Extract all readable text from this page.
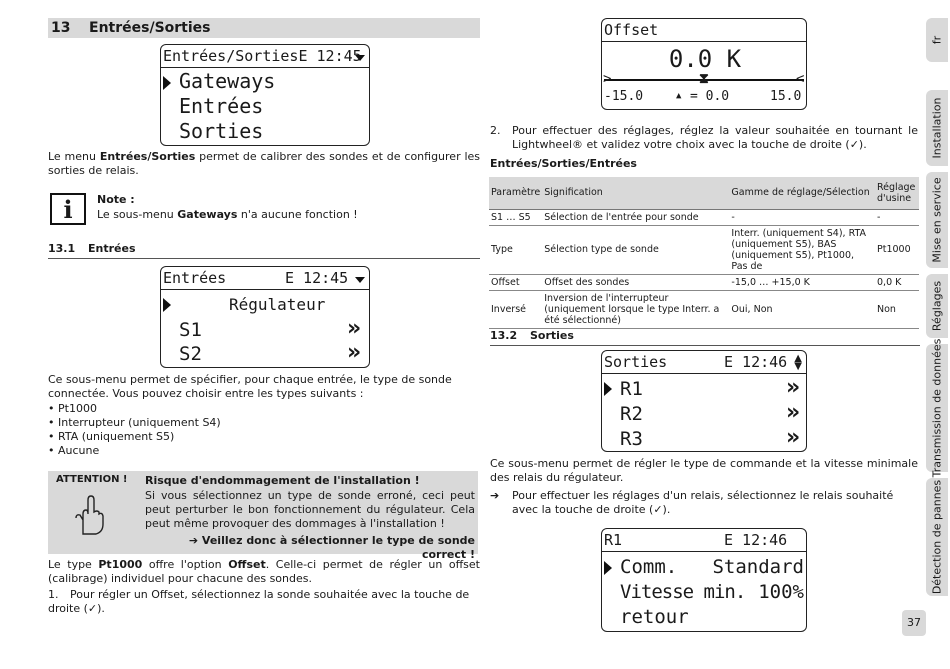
13 Entrées/Sorties
Entrées/SortiesE 12:45
Gateways
Entrées
Sorties
Le menu Entrées/Sorties permet de calibrer des sondes et de configurer les sorties de relais.
i	Note :
Le sous-menu Gateways n'a aucune fonction !
13.1 Entrées
Entrées	E 12:45
Régulateur
S1	»
S2	»
Ce sous-menu permet de spécifier, pour chaque entrée, le type de sonde connectée. Vous pouvez choisir entre les types suivants :
• Pt1000
• Interrupteur (uniquement S4)
• RTA (uniquement S5)
• Aucune
ATTENTION ! Risque d'endommagement de l'installation !
Si vous sélectionnez un type de sonde erroné, ceci peut peut perturber le bon fonctionnement du régulateur. Cela peut même provoquer des dommages à l'installation !
➔ Veillez donc à sélectionner le type de sonde correct !
Le type Pt1000 offre l'option Offset. Celle-ci permet de régler un offset (calibrage) individuel pour chacune des sondes.
1. Pour régler un Offset, sélectionnez la sonde souhaitée avec la touche de droite (✓).
Offset
0.0 K
>	<
⧗
-15.0	▲ = 0.0	15.0
2. Pour effectuer des réglages, réglez la valeur souhaitée en tournant le Lightwheel® et validez votre choix avec la touche de droite (✓).
Entrées/Sorties/Entrées
Paramètre	Signification	Gamme de réglage/Sélection	Réglage d'usine
S1 … S5	Sélection de l'entrée pour sonde	-	-
Type	Sélection type de sonde	Interr. (uniquement S4), RTA (uniquement S5), BAS (uniquement S5), Pt1000, Pas de	Pt1000
Offset	Offset des sondes	-15,0 … +15,0 K	0,0 K
Inversé	Inversion de l'interrupteur (uniquement lorsque le type Interr. a été sélectionné)	Oui, Non	Non
13.2 Sorties
Sorties	E 12:46 ▲
▼
R1	»
R2	»
R3	»
Ce sous-menu permet de régler le type de commande et la vitesse minimale des relais du régulateur.
➔ Pour effectuer les réglages d'un relais, sélectionnez le relais souhaité avec la touche de droite (✓).
R1	E 12:46
Comm. Standard
Vitesse min. 100%
retour
fr
Installation
Mise en service
Réglages
Transmission de données
Détection de pannes
37
